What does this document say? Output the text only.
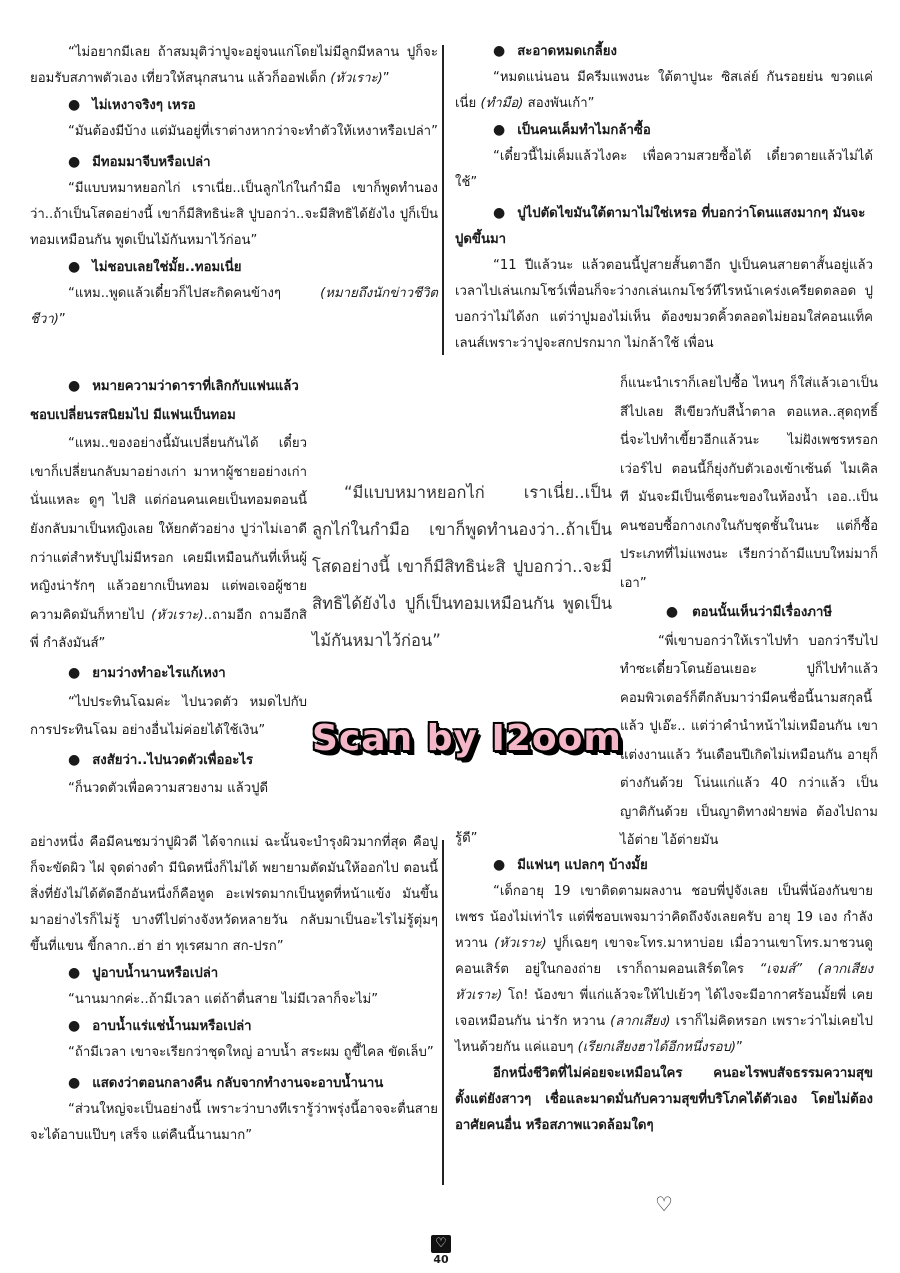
“ไม่อยากมีเลย ถ้าสมมุติว่าปูจะอยู่จนแก่โดยไม่มีลูกมีหลาน ปูก็จะยอมรับสภาพตัวเอง เที่ยวให้สนุกสนาน แล้วก็ออฟเด็ก (หัวเราะ)”

● ไม่เหงาจริงๆ เหรอ

“มันต้องมีบ้าง แต่มันอยู่ที่เราต่างหากว่าจะทำตัวให้เหงาหรือเปล่า”

● มีทอมมาจีบหรือเปล่า

“มีแบบหมาหยอกไก่ เราเนี่ย..เป็นลูกไก่ในกำมือ เขาก็พูดทำนองว่า..ถ้าเป็นโสดอย่างนี้ เขาก็มีสิทธิน่ะสิ ปูบอกว่า..จะมีสิทธิได้ยังไง ปูก็เป็นทอมเหมือนกัน พูดเป็นไม้กันหมาไว้ก่อน”

● ไม่ชอบเลยใช่มั้ย..ทอมเนี่ย

“แหม..พูดแล้วเดี๋ยวก็ไปสะกิดคนข้างๆ (หมายถึงนักข่าวชีวิตชีวา)”

● หมายความว่าดาราที่เลิกกับแฟนแล้วชอบเปลี่ยนรสนิยมไป มีแฟนเป็นทอม

“แหม..ของอย่างนี้มันเปลี่ยนกันได้ เดี๋ยวเขาก็เปลี่ยนกลับมาอย่างเก่า มาหาผู้ชายอย่างเก่านั่นแหละ ดูๆ ไปสิ แต่ก่อนคนเคยเป็นทอมตอนนี้ยังกลับมาเป็นหญิงเลย ให้ยกตัวอย่าง ปูว่าไม่เอาดีกว่าแต่สำหรับปูไม่มีหรอก เคยมีเหมือนกันที่เห็นผู้หญิงน่ารักๆ แล้วอยากเป็นทอม แต่พอเจอผู้ชายความคิดมันก็หายไป (หัวเราะ)..ถามอีก ถามอีกสิพี่ กำลังมันส์”

● ยามว่างทำอะไรแก้เหงา

“ไปประทินโฉมค่ะ ไปนวดตัว หมดไปกับการประทินโฉม อย่างอื่นไม่ค่อยได้ใช้เงิน”

● สงสัยว่า..ไปนวดตัวเพื่ออะไร

“ก็นวดตัวเพื่อความสวยงาม แล้วปูดี

อย่างหนึ่ง คือมีคนชมว่าปูผิวดี ได้จากแม่ ฉะนั้นจะบำรุงผิวมากที่สุด คือปูก็จะขัดผิว ไฝ จุดด่างดำ มีนิดหนึ่งก็ไม่ได้ พยายามตัดมันให้ออกไป ตอนนี้สิ่งที่ยังไม่ได้ตัดอีกอันหนึ่งก็คือหูด อะเฟรดมากเป็นหูดที่หน้าแข้ง มันขึ้นมาอย่างไรก็ไม่รู้ บางทีไปต่างจังหวัดหลายวัน กลับมาเป็นอะไรไม่รู้ตุ่มๆ ขึ้นที่แขน ขี้กลาก..ฮ่า ฮ่า ทุเรศมาก สก-ปรก”

● ปูอาบน้ำนานหรือเปล่า

“นานมากค่ะ..ถ้ามีเวลา แต่ถ้าตื่นสาย ไม่มีเวลาก็จะไม่”

● อาบน้ำแร่แช่น้ำนมหรือเปล่า

“ถ้ามีเวลา เขาจะเรียกว่าชุดใหญ่ อาบน้ำ สระผม ถูขี้ไคล ขัดเล็บ”

● แสดงว่าตอนกลางคืน กลับจากทำงานจะอาบน้ำนาน

“ส่วนใหญ่จะเป็นอย่างนี้ เพราะว่าบางทีเรารู้ว่าพรุ่งนี้อาจจะตื่นสาย จะได้อาบแป๊บๆ เสร็จ แต่คืนนี้นานมาก”

● สะอาดหมดเกลี้ยง

“หมดแน่นอน มีครีมแพงนะ ใต้ตาปูนะ ซิสเล่ย์ กันรอยย่น ขวดแค่เนี่ย (ทำมือ) สองพันเก้า”

● เป็นคนเค็มทำไมกล้าซื้อ

“เดี๋ยวนี้ไม่เค็มแล้วไงคะ เพื่อความสวยซื้อได้ เดี๋ยวตายแล้วไม่ได้ใช้”

● ปูไปตัดไขมันใต้ตามาไม่ใช่เหรอ ที่บอกว่าโดนแสงมากๆ มันจะปูดขึ้นมา

“11 ปีแล้วนะ แล้วตอนนี้ปูสายสั้นตาอีก ปูเป็นคนสายตาสั้นอยู่แล้ว เวลาไปเล่นเกมโชว์เพื่อนก็จะว่างกเล่นเกมโชว์ทีไรหน้าเคร่งเครียดตลอด ปูบอกว่าไม่ได้งก แต่ว่าปูมองไม่เห็น ต้องขมวดคิ้วตลอดไม่ยอมใส่คอนแท็คเลนส์เพราะว่าปูจะสกปรกมาก ไม่กล้าใช้ เพื่อน

ก็แนะนำเราก็เลยไปซื้อ ไหนๆ ก็ใส่แล้วเอาเป็นสีไปเลย สีเขียวกับสีน้ำตาล ตอแหล..สุดฤทธิ์ นี่จะไปทำเขี้ยวอีกแล้วนะ ไม่ฝังเพชรหรอก เว่อร์ไป ตอนนี้ก็ยุ่งกับตัวเองเข้าเซ้นต์ ไมเคิล ที มันจะมีเป็นเซ็ตนะของในห้องน้ำ เออ..เป็นคนชอบซื้อกางเกงในกับชุดชั้นในนะ แต่ก็ซื้อประเภทที่ไม่แพงนะ เรียกว่าถ้ามีแบบใหม่มาก็เอา”

● ตอนนั้นเห็นว่ามีเรื่องภาษี

“พี่เขาบอกว่าให้เราไปทำ บอกว่ารีบไปทำซะเดี๋ยวโดนย้อนเยอะ ปูก็ไปทำแล้วคอมพิวเตอร์ก็ตีกลับมาว่ามีคนชื่อนี้นามสกุลนี้แล้ว ปูเอ๊ะ.. แต่ว่าคำนำหน้าไม่เหมือนกัน เขาแต่งงานแล้ว วันเดือนปีเกิดไม่เหมือนกัน อายุก็ต่างกันด้วย โน่นแก่แล้ว 40 กว่าแล้ว เป็นญาติกันด้วย เป็นญาติทางฝ่ายพ่อ ต้องไปถามไอ้ต่าย ไอ้ต่ายมัน

รู้ดี”

● มีแฟนๆ แปลกๆ บ้างมั้ย

“เด็กอายุ 19 เขาติดตามผลงาน ชอบพี่ปูจังเลย เป็นพี่น้องกันขายเพชร น้องไม่เท่าไร แต่พี่ชอบเพจมาว่าคิดถึงจังเลยครับ อายุ 19 เอง กำลังหวาน (หัวเราะ) ปูก็เฉยๆ เขาจะโทร.มาหาบ่อย เมื่อวานเขาโทร.มาชวนดูคอนเสิร์ต อยู่ในกองถ่าย เราก็ถามคอนเสิร์ตใคร “เจมส์” (ลากเสียงหัวเราะ) โถ! น้องขา พี่แก่แล้วจะให้ไปเย้วๆ ได้ไงจะมีอากาศร้อนมั้ยพี่ เคยเจอเหมือนกัน น่ารัก หวาน (ลากเสียง) เราก็ไม่คิดหรอก เพราะว่าไม่เคยไปไหนด้วยกัน แค่แอบๆ (เรียกเสียงฮาได้อีกหนึ่งรอบ)”

อีกหนึ่งชีวิตที่ไม่ค่อยจะเหมือนใคร คนอะไรพบสัจธรรมความสุขตั้งแต่ยังสาวๆ เชื่อและมาดมั่นกับความสุขที่บริโภคได้ตัวเอง โดยไม่ต้องอาศัยคนอื่น หรือสภาพแวดล้อมใดๆ

“มีแบบหมาหยอกไก่ เราเนี่ย..เป็นลูกไก่ในกำมือ เขาก็พูดทำนองว่า..ถ้าเป็นโสดอย่างนี้ เขาก็มีสิทธิน่ะสิ ปูบอกว่า..จะมีสิทธิได้ยังไง ปูก็เป็นทอมเหมือนกัน พูดเป็นไม้กันหมาไว้ก่อน”

Scan by I2oom
♡
♡
40
